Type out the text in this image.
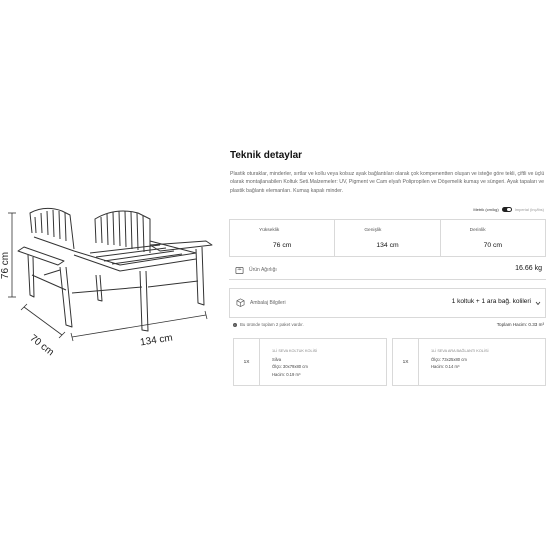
76 cm
70 cm	134 cm
Teknik detaylar
Plastik oturaklar, minderler, sırtlar ve kollu veya kolsuz ayak bağlantıları olarak çok kompenentten oluşan ve isteğe göre tekli, çiftli ve üçlü olarak montajlanabilen Koltuk Seti.Malzemeler: UV, Pigment ve Cam elyafı Polipropilen ve Döşemelik kumaş ve süngeri. Ayak tapaları ve plastik bağlantı elemanları. Kumaş kapalı minder.
Metrik (cm/kg)	Imperial (inç/lbs)
Yükseklik
76 cm
Genişlik
134 cm
Derinlik
70 cm
Ürün Ağırlığı	16.66 kg
Ambalaj Bilgileri	1 koltuk + 1 ara bağ. kolileri
i	Bu üründe toplam 2 paket vardır.	Toplam Hacim: 0.33 m³
1X
1Lİ SEVA KOLTUK KOLİSİ
Silva
Ölçü: 30x79x80 cm
Hacim: 0.19 m³
1X
1Lİ SEVA ARA BAĞLANTI KOLİSİ
Ölçü: 73x25x80 cm
Hacim: 0.14 m³
